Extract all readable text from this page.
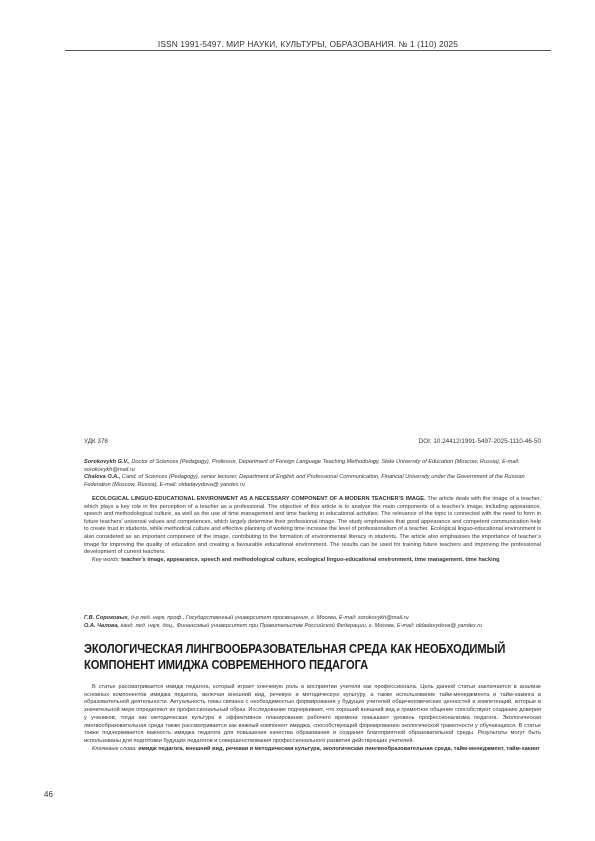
ISSN 1991-5497. МИР НАУКИ, КУЛЬТУРЫ, ОБРАЗОВАНИЯ. № 1 (110) 2025
УДК 378	DOI: 10.24412/1991-5497-2025-1110-46-50
Sorokovykh G.V., Doctor of Sciences (Pedagogy), Professor, Department of Foreign Language Teaching Methodology, State University of Education (Moscow, Russia), E-mail: sorokovykh@mail.ru
Chalova O.A., Cand. of Sciences (Pedagogy), senior lecturer, Department of English and Professional Communication, Financial University under the Government of the Russian Federation (Moscow, Russia), E-mail: oldadavydova@ yandex.ru

ECOLOGICAL LINGUO-EDUCATIONAL ENVIRONMENT AS A NECESSARY COMPONENT OF A MODERN TEACHER’S IMAGE. The article deals with the image of a teacher, which plays a key role in the perception of a teacher as a professional. The objective of this article is to analyse the main components of a teacher’s image, including appearance, speech and methodological culture, as well as the use of time management and time hacking in educational activities. The relevance of the topic is connected with the need to form in future teachers’ universal values and competences, which largely determine their professional image. The study emphasises that good appearance and competent communication help to create trust in students, while methodical culture and effective planning of working time increase the level of professionalism of a teacher. Ecological linguo-educational environment is also considered as an important component of the image, contributing to the formation of environmental literacy in students. The article also emphasises the importance of teacher’s image for improving the quality of education and creating a favourable educational environment. The results can be used for training future teachers and improving the professional development of current teachers.

Key words: teacher’s image, appearance, speech and methodological culture, ecological linguo-educational environment, time management, time hacking

Г.В. Сороковых, д-р пед. наук, проф., Государственный университет просвещения, г. Москва, E-mail: sorokovykh@mail.ru
О.А. Чалова, канд. пед. наук, доц., Финансовый университет при Правительстве Российской Федерации, г. Москва, E-mail: oldadavydova@ yandex.ru
ЭКОЛОГИЧЕСКАЯ ЛИНГВООБРАЗОВАТЕЛЬНАЯ СРЕДА КАК НЕОБХОДИМЫЙ КОМПОНЕНТ ИМИДЖА СОВРЕМЕННОГО ПЕДАГОГА

В статье рассматривается имидж педагога, который играет ключевую роль в восприятии учителя как профессионала. Цель данной статьи заключается в анализе основных компонентов имиджа педагога, включая внешний вид, речевую и методическую культуру, а также использование тайм-менеджмента и тайм-хакинга в образовательной деятельности. Актуальность темы связана с необходимостью формирования у будущих учителей общечеловеческих ценностей и компетенций, которые в значительной мере определяют их профессиональный образ. Исследование подчеркивает, что хороший внешний вид и грамотное общение способствуют созданию доверия у учеников, тогда как методическая культура и эффективное планирование рабочего времени повышают уровень профессионализма педагога. Экологическая лингвообразовательная среда также рассматривается как важный компонент имиджа, способствующий формированию экологической грамотности у обучающихся. В статье также подчеркивается важность имиджа педагога для повышения качества образования и создания благоприятной образовательной среды. Результаты могут быть использованы для подготовки будущих педагогов и совершенствования профессионального развития действующих учителей.

Ключевые слова: имидж педагога, внешний вид, речевая и методическая культура, экологическая лингвообразовательная среда, тайм-менеджмент, тайм-хакинг

46
